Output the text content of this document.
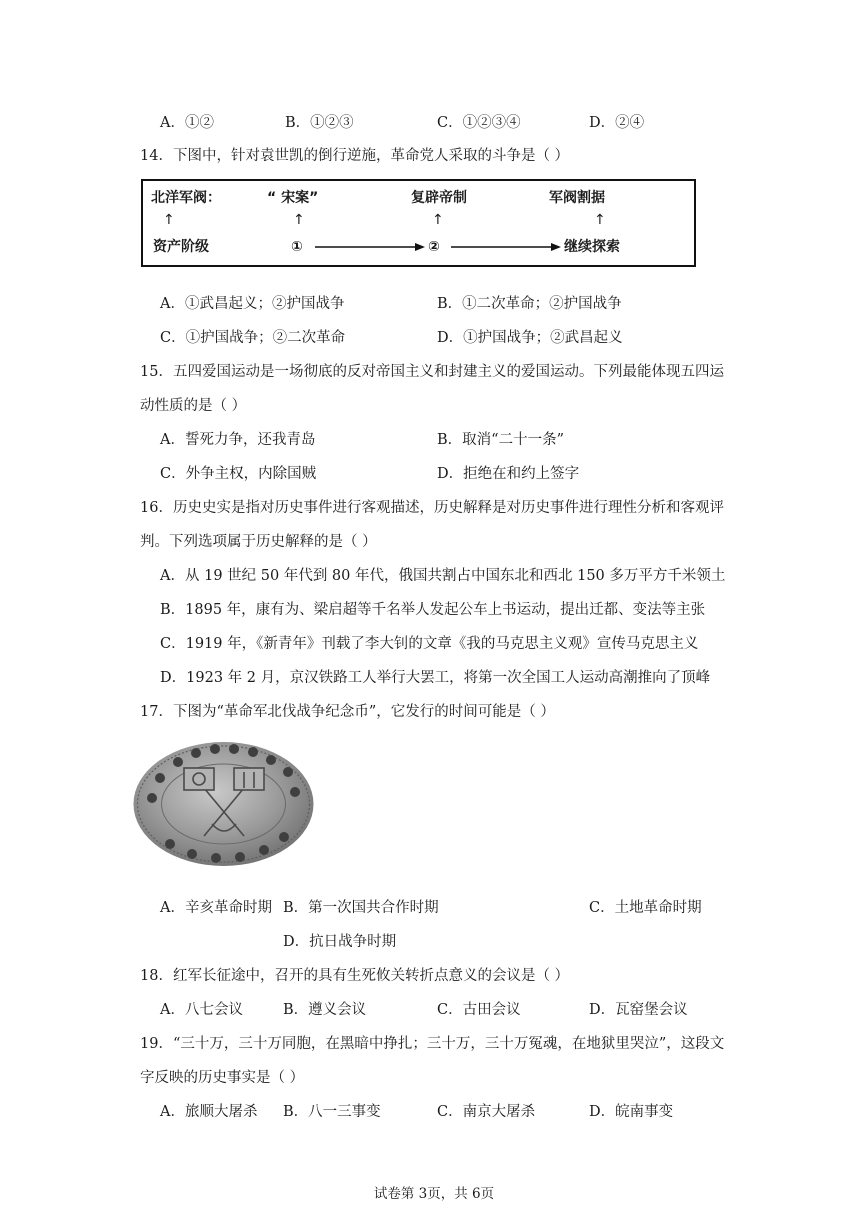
A．①②	B．①②③	C．①②③④	D．②④
14．下图中，针对袁世凯的倒行逆施，革命党人采取的斗争是（ ）
北洋军阀：	“ 宋案”	复辟帝制	军阀割据
↑	↑	↑	↑
资产阶级	①	②	继续探索
A．①武昌起义；②护国战争	B．①二次革命；②护国战争
C．①护国战争；②二次革命	D．①护国战争；②武昌起义
15．五四爱国运动是一场彻底的反对帝国主义和封建主义的爱国运动。下列最能体现五四运
动性质的是（ ）
A．誓死力争，还我青岛	B．取消“二十一条”
C．外争主权，内除国贼	D．拒绝在和约上签字
16．历史史实是指对历史事件进行客观描述，历史解释是对历史事件进行理性分析和客观评
判。下列选项属于历史解释的是（ ）
A．从 19 世纪 50 年代到 80 年代，俄国共割占中国东北和西北 150 多万平方千米领土
B．1895 年，康有为、梁启超等千名举人发起公车上书运动，提出迁都、变法等主张
C．1919 年，《新青年》刊载了李大钊的文章《我的马克思主义观》宣传马克思主义
D．1923 年 2 月，京汉铁路工人举行大罢工，将第一次全国工人运动高潮推向了顶峰
17．下图为“革命军北伐战争纪念币”，它发行的时间可能是（ ）
A．辛亥革命时期 B．第一次国共合作时期	C．土地革命时期
D．抗日战争时期
18．红军长征途中，召开的具有生死攸关转折点意义的会议是（ ）
A．八七会议	B．遵义会议	C．古田会议	D．瓦窑堡会议
19．“三十万，三十万同胞，在黑暗中挣扎；三十万，三十万冤魂，在地狱里哭泣”，这段文
字反映的历史事实是（ ）
A．旅顺大屠杀 B．八一三事变	C．南京大屠杀	D．皖南事变
试卷第 3页，共 6页
